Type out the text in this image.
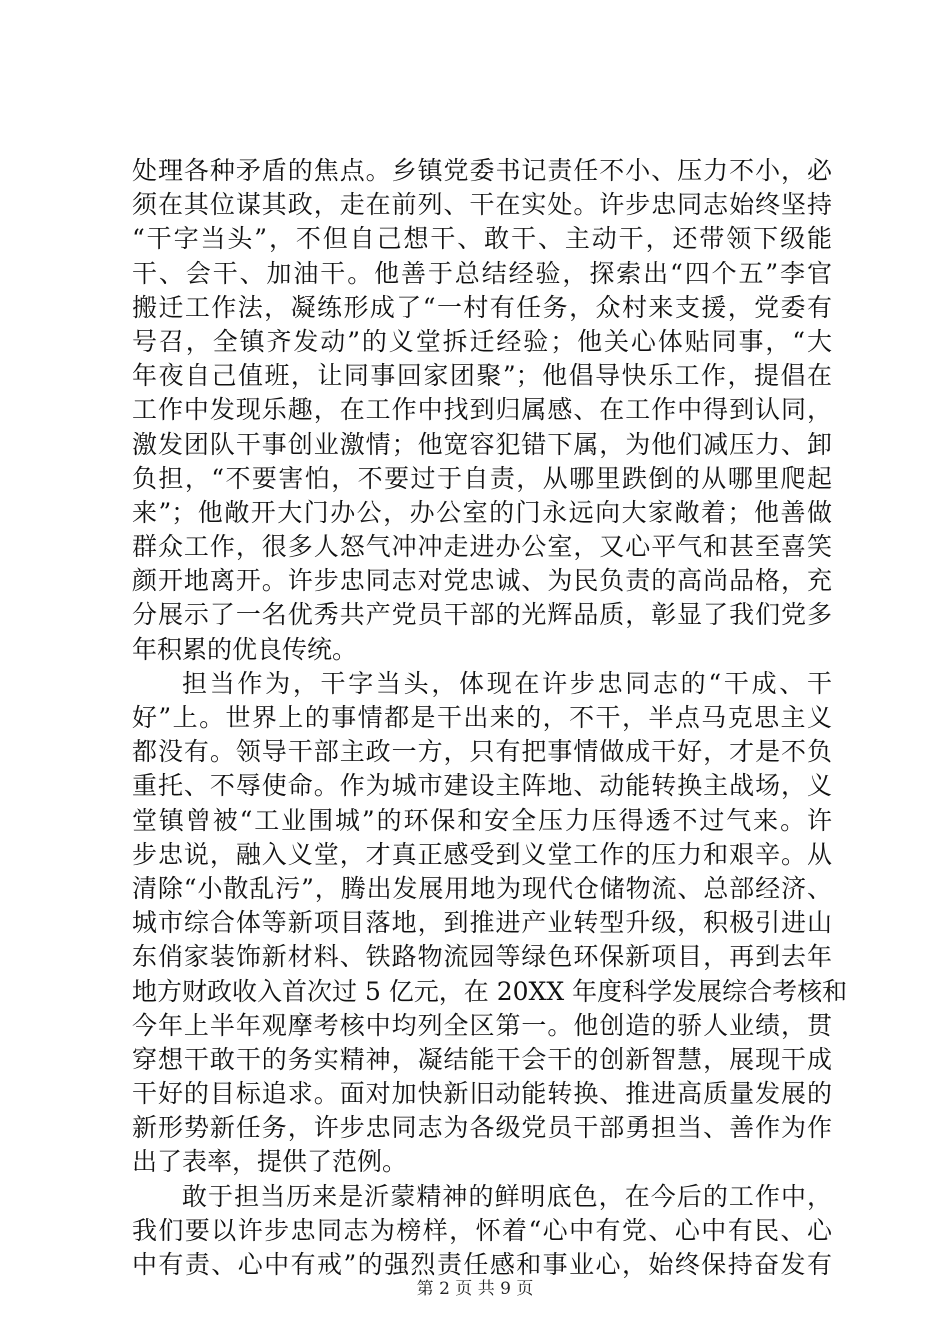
处理各种矛盾的焦点。乡镇党委书记责任不小、压力不小，必
须在其位谋其政，走在前列、干在实处。许步忠同志始终坚持
“干字当头”，不但自己想干、敢干、主动干，还带领下级能
干、会干、加油干。他善于总结经验，探索出“四个五”李官
搬迁工作法，凝练形成了“一村有任务，众村来支援，党委有
号召，全镇齐发动”的义堂拆迁经验；他关心体贴同事，“大
年夜自己值班，让同事回家团聚”；他倡导快乐工作，提倡在
工作中发现乐趣，在工作中找到归属感、在工作中得到认同，
激发团队干事创业激情；他宽容犯错下属，为他们减压力、卸
负担，“不要害怕，不要过于自责，从哪里跌倒的从哪里爬起
来”；他敞开大门办公，办公室的门永远向大家敞着；他善做
群众工作，很多人怒气冲冲走进办公室，又心平气和甚至喜笑
颜开地离开。许步忠同志对党忠诚、为民负责的高尚品格，充
分展示了一名优秀共产党员干部的光辉品质，彰显了我们党多
年积累的优良传统。
担当作为，干字当头，体现在许步忠同志的“干成、干
好”上。世界上的事情都是干出来的，不干，半点马克思主义
都没有。领导干部主政一方，只有把事情做成干好，才是不负
重托、不辱使命。作为城市建设主阵地、动能转换主战场，义
堂镇曾被“工业围城”的环保和安全压力压得透不过气来。许
步忠说，融入义堂，才真正感受到义堂工作的压力和艰辛。从
清除“小散乱污”，腾出发展用地为现代仓储物流、总部经济、
城市综合体等新项目落地，到推进产业转型升级，积极引进山
东俏家装饰新材料、铁路物流园等绿色环保新项目，再到去年
地方财政收入首次过 5 亿元，在 20XX 年度科学发展综合考核和
今年上半年观摩考核中均列全区第一。他创造的骄人业绩，贯
穿想干敢干的务实精神，凝结能干会干的创新智慧，展现干成
干好的目标追求。面对加快新旧动能转换、推进高质量发展的
新形势新任务，许步忠同志为各级党员干部勇担当、善作为作
出了表率，提供了范例。
敢于担当历来是沂蒙精神的鲜明底色，在今后的工作中，
我们要以许步忠同志为榜样，怀着“心中有党、心中有民、心
中有责、心中有戒”的强烈责任感和事业心，始终保持奋发有
第 2 页 共 9 页
